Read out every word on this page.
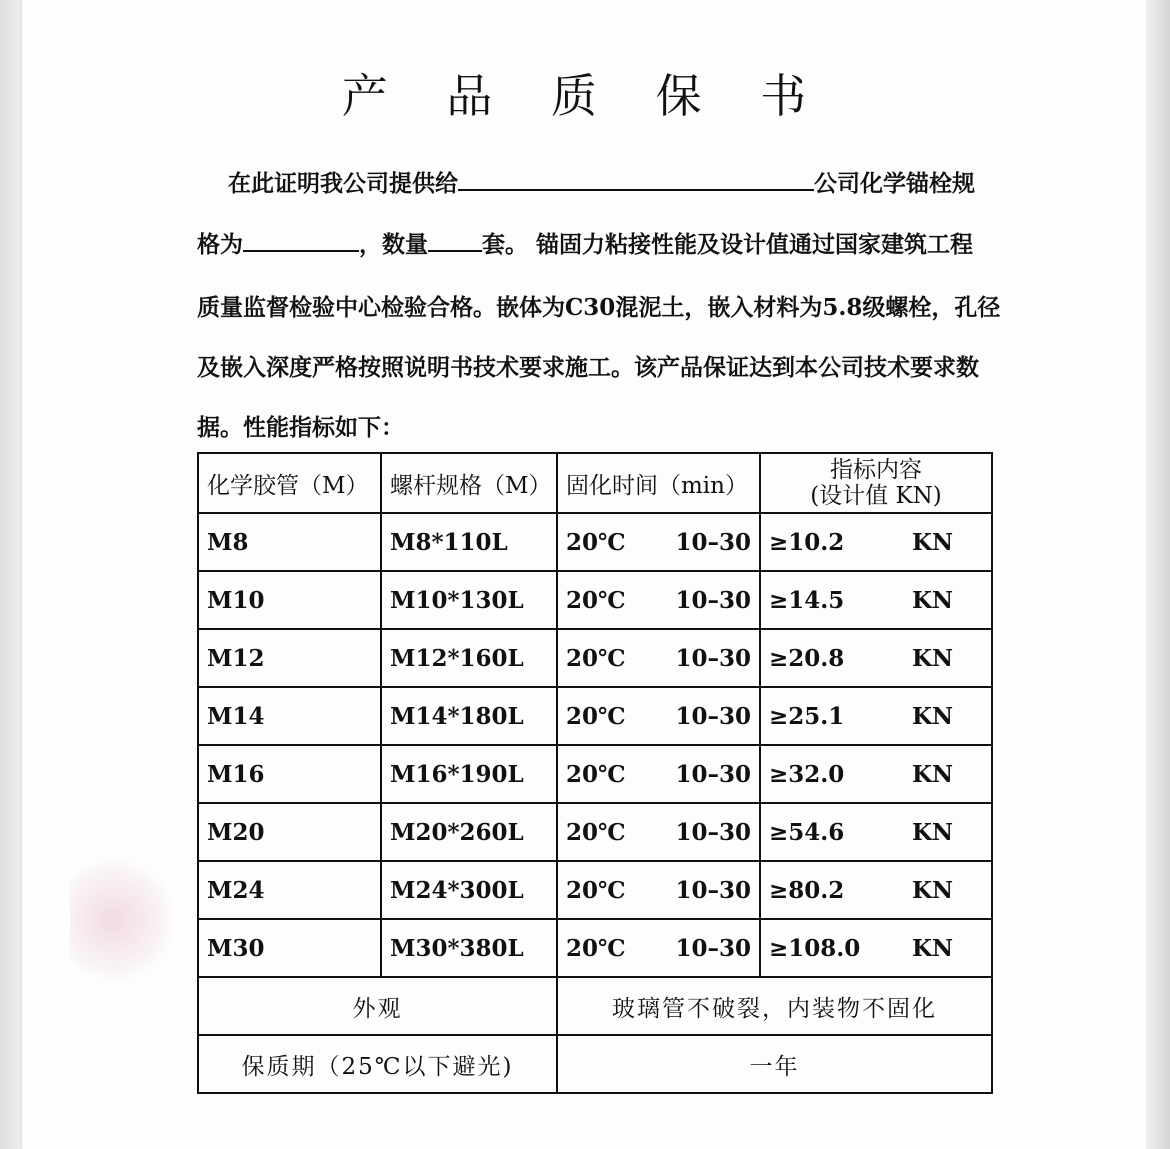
产 品 质 保 书
在此证明我公司提供给	公司化学锚栓规
格为	，数量 套。 锚固力粘接性能及设计值通过国家建筑工程
质量监督检验中心检验合格。嵌体为C30混泥土，嵌入材料为5.8级螺栓，孔径
及嵌入深度严格按照说明书技术要求施工。该产品保证达到本公司技术要求数
据。性能指标如下：
化学胶管（M）	螺杆规格（M）	固化时间（min）	指标内容
(设计值 KN)

M8	M8*110L	20℃ 10–30	≥10.2 KN

M10	M10*130L	20℃ 10–30	≥14.5 KN

M12	M12*160L	20℃ 10–30	≥20.8 KN

M14	M14*180L	20℃ 10–30	≥25.1 KN

M16	M16*190L	20℃ 10–30	≥32.0 KN

M20	M20*260L	20℃ 10–30	≥54.6 KN

M24	M24*300L	20℃ 10–30	≥80.2 KN

M30	M30*380L	20℃ 10–30	≥108.0 KN

外观		玻璃管不破裂，内装物不固化	
保质期（25℃以下避光)		一年	
